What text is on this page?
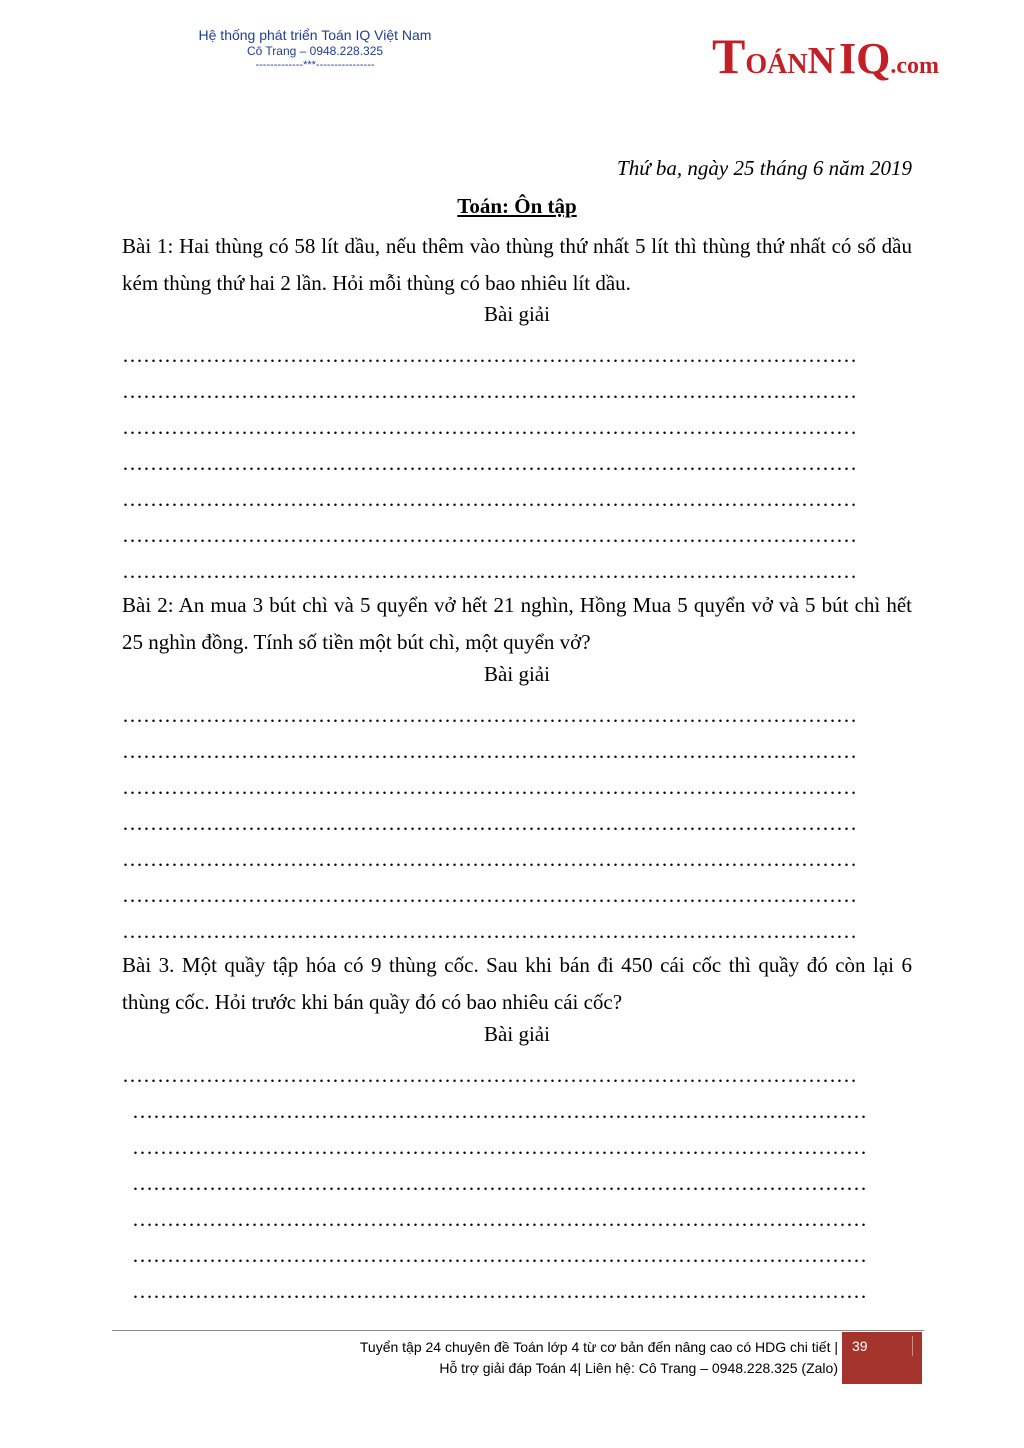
Hệ thống phát triển Toán IQ Việt Nam
Cô Trang – 0948.228.325
-------------***----------------	TOÁNNIQ.com
Thứ ba, ngày 25 tháng 6 năm 2019
Toán: Ôn tập
Bài 1: Hai thùng có 58 lít dầu, nếu thêm vào thùng thứ nhất 5 lít thì thùng thứ nhất có số dầu kém thùng thứ hai 2 lần. Hỏi mỗi thùng có bao nhiêu lít dầu.
Bài giải
……………………………………………………………………………………………
……………………………………………………………………………………………
……………………………………………………………………………………………
……………………………………………………………………………………………
……………………………………………………………………………………………
……………………………………………………………………………………………
……………………………………………………………………………………………
Bài 2: An mua 3 bút chì và 5 quyển vở hết 21 nghìn, Hồng Mua 5 quyển vở và 5 bút chì hết 25 nghìn đồng. Tính số tiền một bút chì, một quyển vở?
Bài giải
……………………………………………………………………………………………
……………………………………………………………………………………………
……………………………………………………………………………………………
……………………………………………………………………………………………
……………………………………………………………………………………………
……………………………………………………………………………………………
……………………………………………………………………………………………
Bài 3. Một quầy tập hóa có 9 thùng cốc. Sau khi bán đi 450 cái cốc thì quầy đó còn lại 6 thùng cốc. Hỏi trước khi bán quầy đó có bao nhiêu cái cốc?
Bài giải
……………………………………………………………………………………………
……………………………………………………………………………………………
……………………………………………………………………………………………
……………………………………………………………………………………………
……………………………………………………………………………………………
……………………………………………………………………………………………
……………………………………………………………………………………………
Tuyển tập 24 chuyên đề Toán lớp 4 từ cơ bản đến nâng cao có HDG chi tiết |
Hỗ trợ giải đáp Toán 4| Liên hệ: Cô Trang – 0948.228.325 (Zalo)
39
